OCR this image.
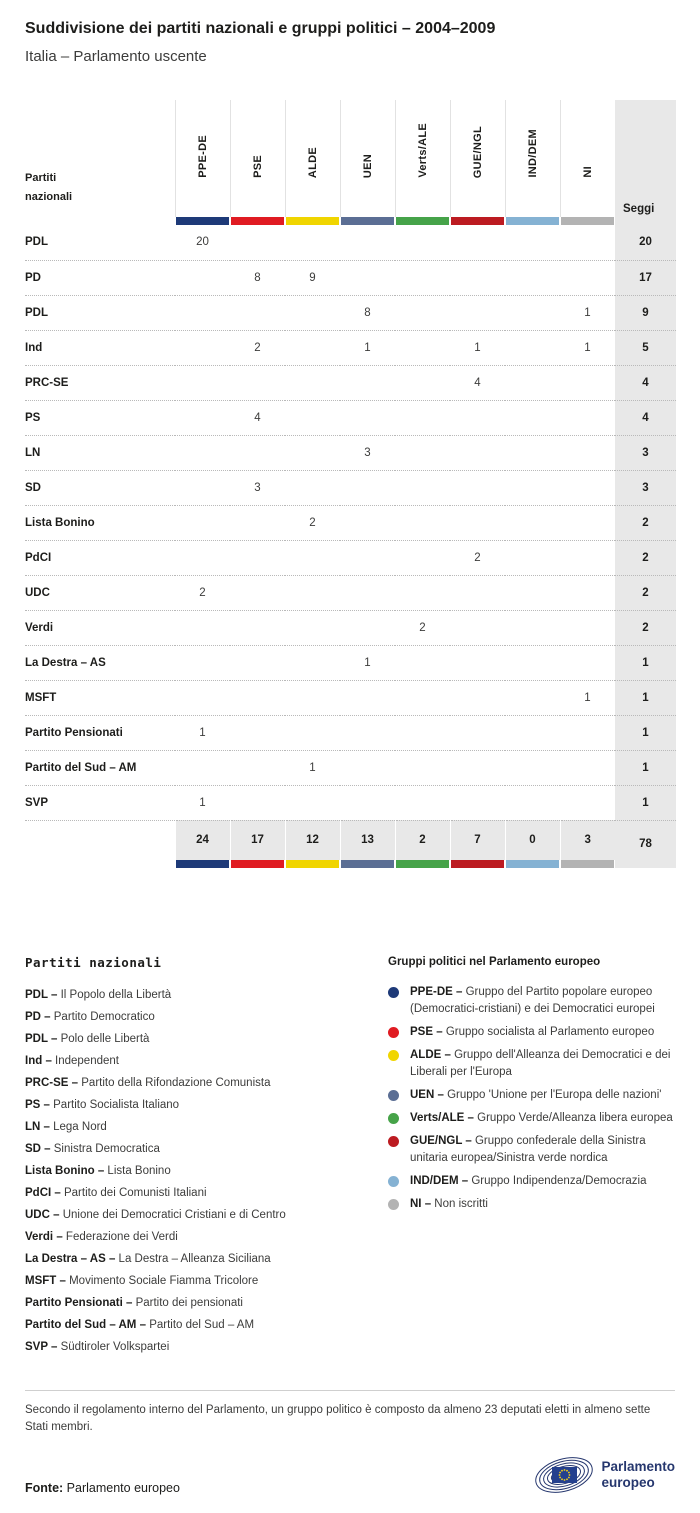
Suddivisione dei partiti nazionali e gruppi politici – 2004–2009
Italia – Parlamento uscente
Partiti
nazionali	PPE-DE	PSE	ALDE	UEN	Verts/ALE	GUE/NGL	IND/DEM	NI	Seggi

PDL	20								20
PD		8	9						17
PDL				8				1	9
Ind		2		1		1		1	5
PRC-SE						4			4
PS		4							4
LN				3					3
SD		3							3
Lista Bonino			2						2
PdCI						2			2
UDC	2								2
Verdi					2				2
La Destra – AS				1					1
MSFT								1	1
Partito Pensionati	1								1
Partito del Sud – AM			1						1
SVP	1								1
	24	17	12	13	2	7	0	3	78

Partiti nazionali
PDL – Il Popolo della Libertà
PD – Partito Democratico
PDL – Polo delle Libertà
Ind – Independent
PRC-SE – Partito della Rifondazione Comunista
PS – Partito Socialista Italiano
LN – Lega Nord
SD – Sinistra Democratica
Lista Bonino – Lista Bonino
PdCI – Partito dei Comunisti Italiani
UDC – Unione dei Democratici Cristiani e di Centro
Verdi – Federazione dei Verdi
La Destra – AS – La Destra – Alleanza Siciliana
MSFT – Movimento Sociale Fiamma Tricolore
Partito Pensionati – Partito dei pensionati
Partito del Sud – AM – Partito del Sud – AM
SVP – Südtiroler Volkspartei
Gruppi politici nel Parlamento europeo
PPE-DE – Gruppo del Partito popolare europeo (Democratici-cristiani) e dei Democratici europei
PSE – Gruppo socialista al Parlamento europeo
ALDE – Gruppo dell'Alleanza dei Democratici e dei Liberali per l'Europa
UEN – Gruppo 'Unione per l'Europa delle nazioni'
Verts/ALE – Gruppo Verde/Alleanza libera europea
GUE/NGL – Gruppo confederale della Sinistra unitaria europea/Sinistra verde nordica
IND/DEM – Gruppo Indipendenza/Democrazia
NI – Non iscritti

Secondo il regolamento interno del Parlamento, un gruppo politico è composto da almeno 23 deputati eletti in almeno sette Stati membri.

Fonte: Parlamento europeo

Parlamento
europeo
